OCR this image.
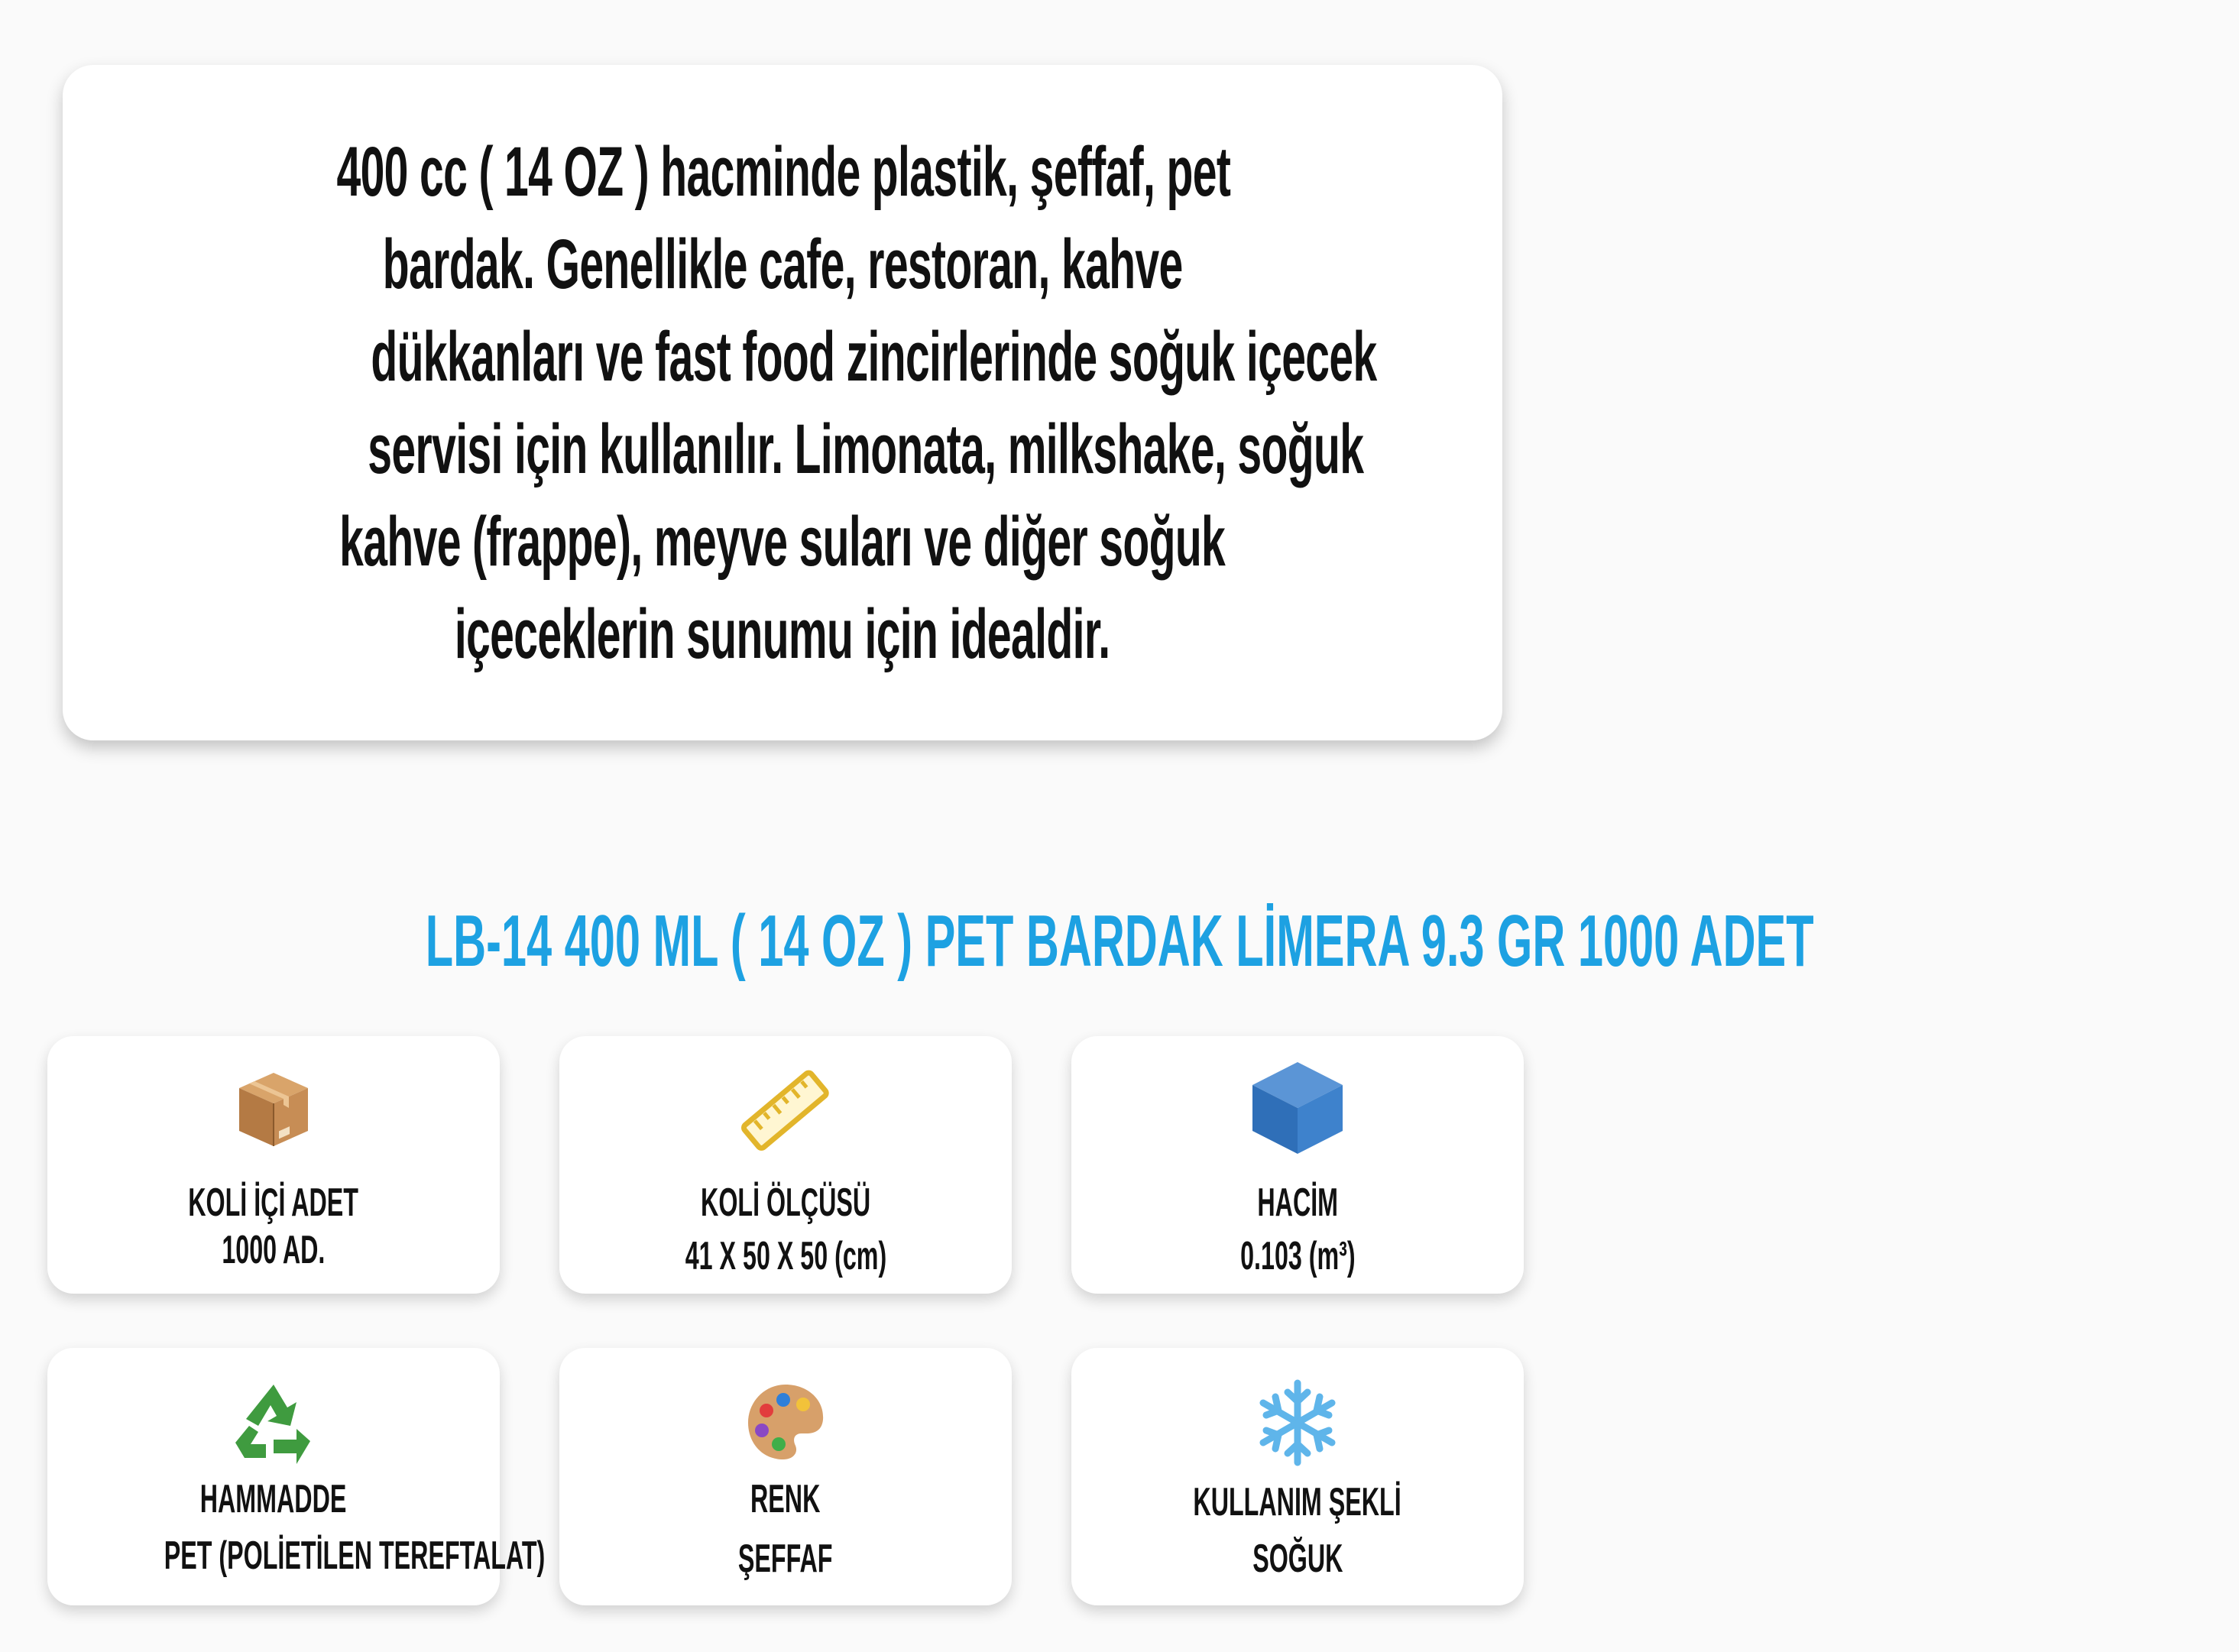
400 cc ( 14 OZ ) hacminde plastik, şeffaf, pet
bardak. Genellikle cafe, restoran, kahve
dükkanları ve fast food zincirlerinde soğuk içecek
servisi için kullanılır. Limonata, milkshake, soğuk
kahve (frappe), meyve suları ve diğer soğuk
içeceklerin sunumu için idealdir.
LB-14 400 ML ( 14 OZ ) PET BARDAK LİMERA 9.3 GR 1000 ADET
KOLİ İÇİ ADET
1000 AD.
KOLİ ÖLÇÜSÜ
41 X 50 X 50 (cm)
HACİM
0.103 (m³)
HAMMADDE
PET (POLİETİLEN TEREFTALAT)
RENK
ŞEFFAF
KULLANIM ŞEKLİ
SOĞUK
